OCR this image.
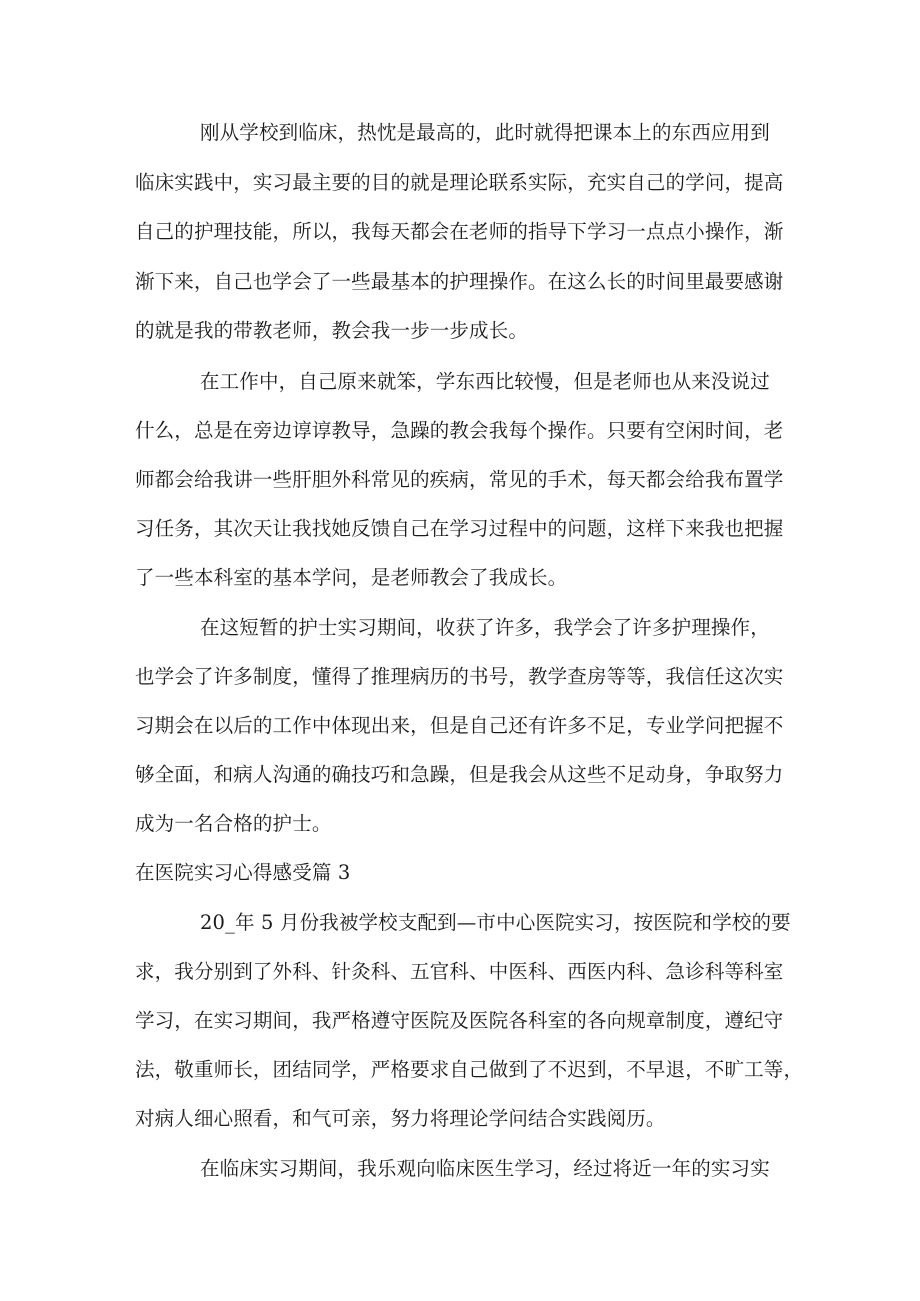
刚从学校到临床，热忱是最高的，此时就得把课本上的东西应用到

临床实践中，实习最主要的目的就是理论联系实际，充实自己的学问，提高

自己的护理技能，所以，我每天都会在老师的指导下学习一点点小操作，渐

渐下来，自己也学会了一些最基本的护理操作。在这么长的时间里最要感谢

的就是我的带教老师，教会我一步一步成长。

在工作中，自己原来就笨，学东西比较慢，但是老师也从来没说过

什么，总是在旁边谆谆教导，急躁的教会我每个操作。只要有空闲时间，老

师都会给我讲一些肝胆外科常见的疾病，常见的手术，每天都会给我布置学

习任务，其次天让我找她反馈自己在学习过程中的问题，这样下来我也把握

了一些本科室的基本学问，是老师教会了我成长。

在这短暂的护士实习期间，收获了许多，我学会了许多护理操作，

也学会了许多制度，懂得了推理病历的书号，教学查房等等，我信任这次实

习期会在以后的工作中体现出来，但是自己还有许多不足，专业学问把握不

够全面，和病人沟通的确技巧和急躁，但是我会从这些不足动身，争取努力

成为一名合格的护士。

在医院实习心得感受篇 3

20_年 5 月份我被学校支配到—市中心医院实习，按医院和学校的要

求，我分别到了外科、针灸科、五官科、中医科、西医内科、急诊科等科室

学习，在实习期间，我严格遵守医院及医院各科室的各向规章制度，遵纪守

法，敬重师长，团结同学，严格要求自己做到了不迟到，不早退，不旷工等，

对病人细心照看，和气可亲，努力将理论学问结合实践阅历。

在临床实习期间，我乐观向临床医生学习，经过将近一年的实习实
